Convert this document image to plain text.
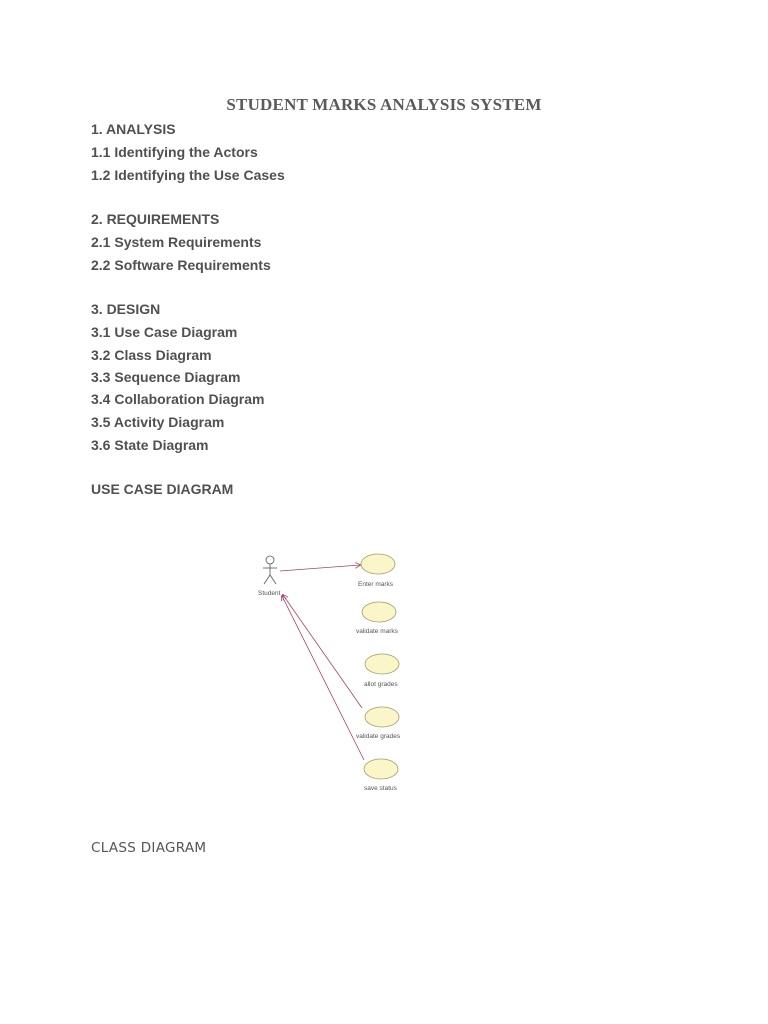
STUDENT MARKS ANALYSIS SYSTEM
1. ANALYSIS
1.1 Identifying the Actors
1.2 Identifying the Use Cases
2. REQUIREMENTS
2.1 System Requirements
2.2 Software Requirements
3. DESIGN
3.1 Use Case Diagram
3.2 Class Diagram
3.3 Sequence Diagram
3.4 Collaboration Diagram
3.5 Activity Diagram
3.6 State Diagram
USE CASE DIAGRAM
Student
Enter marks
validate marks
allot grades
validate grades
save status
CLASS DIAGRAM
